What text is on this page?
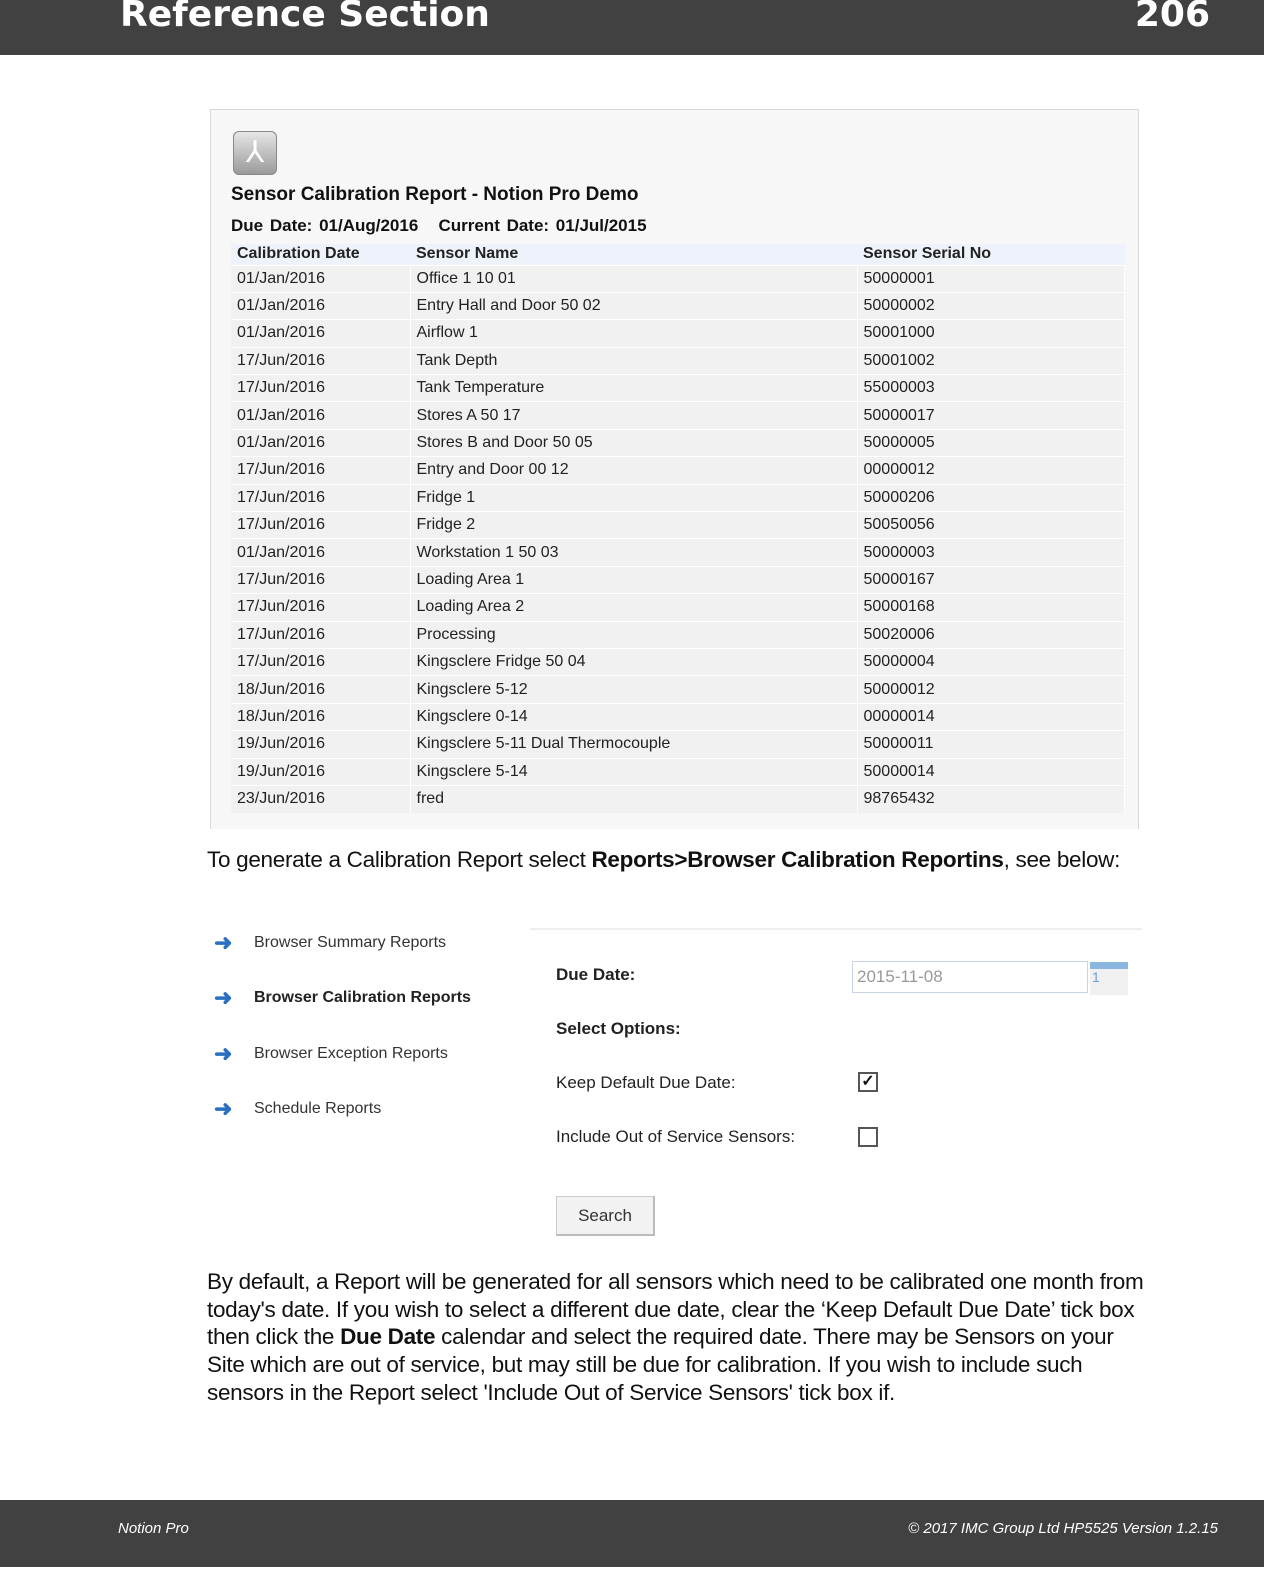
Reference Section	206
⅄
Sensor Calibration Report - Notion Pro Demo
Due Date: 01/Aug/2016   Current Date: 01/Jul/2015
Calibration Date	Sensor Name	Sensor Serial No
01/Jan/2016	Office 1 10 01	50000001
01/Jan/2016	Entry Hall and Door 50 02	50000002
01/Jan/2016	Airflow 1	50001000
17/Jun/2016	Tank Depth	50001002
17/Jun/2016	Tank Temperature	55000003
01/Jan/2016	Stores A 50 17	50000017
01/Jan/2016	Stores B and Door 50 05	50000005
17/Jun/2016	Entry and Door 00 12	00000012
17/Jun/2016	Fridge 1	50000206
17/Jun/2016	Fridge 2	50050056
01/Jan/2016	Workstation 1 50 03	50000003
17/Jun/2016	Loading Area 1	50000167
17/Jun/2016	Loading Area 2	50000168
17/Jun/2016	Processing	50020006
17/Jun/2016	Kingsclere Fridge 50 04	50000004
18/Jun/2016	Kingsclere 5-12	50000012
18/Jun/2016	Kingsclere 0-14	00000014
19/Jun/2016	Kingsclere 5-11 Dual Thermocouple	50000011
19/Jun/2016	Kingsclere 5-14	50000014
23/Jun/2016	fred	98765432
To generate a Calibration Report select Reports>Browser Calibration Reportins, see below:
➜	Browser Summary Reports
➜	Browser Calibration Reports
➜	Browser Exception Reports
➜	Schedule Reports
Due Date:	2015-11-08	1
Select Options:
Keep Default Due Date:	✓
Include Out of Service Sensors:
Search
By default, a Report will be generated for all sensors which need to be calibrated one month from today's date. If you wish to select a different due date, clear the ‘Keep Default Due Date’ tick box then click the Due Date calendar and select the required date. There may be Sensors on your Site which are out of service, but may still be due for calibration. If you wish to include such sensors in the Report select 'Include Out of Service Sensors' tick box if.
Notion Pro	© 2017 IMC Group Ltd HP5525 Version 1.2.15
